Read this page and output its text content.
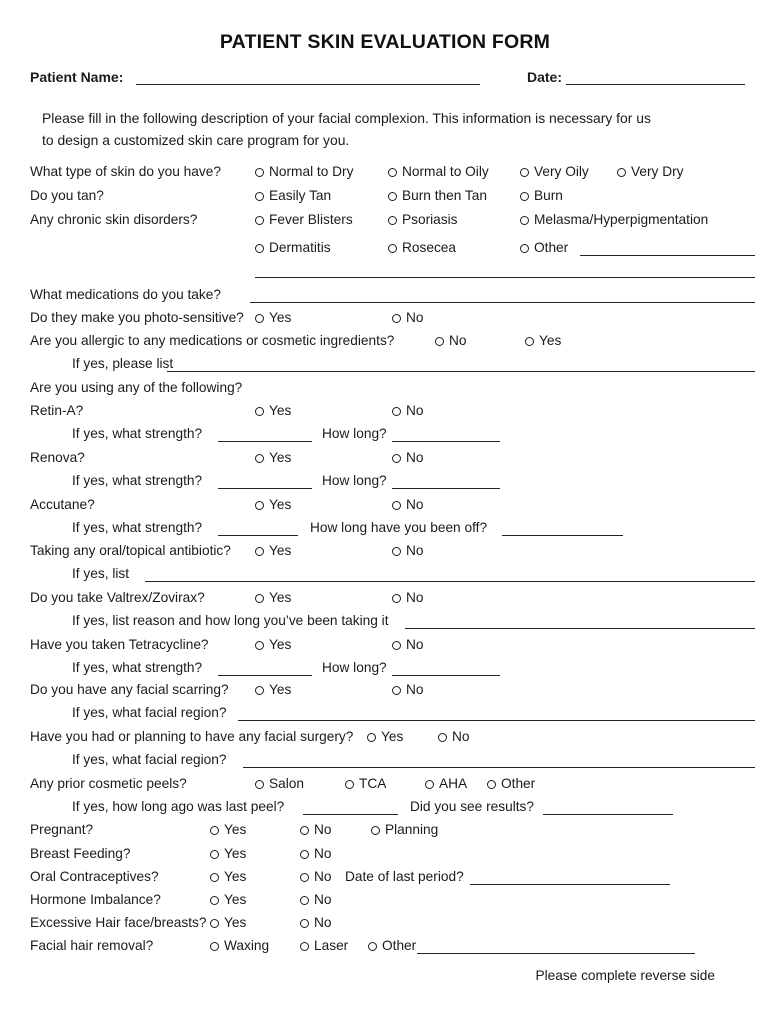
PATIENT SKIN EVALUATION FORM
Patient Name:	Date:
Please fill in the following description of your facial complexion. This information is necessary for us
to design a customized skin care program for you.
What type of skin do you have?	Normal to Dry	Normal to Oily	Very Oily	Very Dry
Do you tan?	Easily Tan	Burn then Tan	Burn
Any chronic skin disorders?	Fever Blisters	Psoriasis	Melasma/Hyperpigmentation
Dermatitis	Rosecea	Other
What medications do you take?
Do they make you photo-sensitive?	Yes	No
Are you allergic to any medications or cosmetic ingredients?	No	Yes
If yes, please list
Are you using any of the following?
Retin-A?	Yes	No
If yes, what strength?	How long?
Renova?	Yes	No
If yes, what strength?	How long?
Accutane?	Yes	No
If yes, what strength?	How long have you been off?
Taking any oral/topical antibiotic?	Yes	No
If yes, list
Do you take Valtrex/Zovirax?	Yes	No
If yes, list reason and how long you’ve been taking it
Have you taken Tetracycline?	Yes	No
If yes, what strength?	How long?
Do you have any facial scarring?	Yes	No
If yes, what facial region?
Have you had or planning to have any facial surgery?	Yes	No
If yes, what facial region?
Any prior cosmetic peels?	Salon	TCA	AHA	Other
If yes, how long ago was last peel?	Did you see results?
Pregnant?	Yes	No	Planning
Breast Feeding?	Yes	No
Oral Contraceptives?	Yes	No Date of last period?
Hormone Imbalance?	Yes	No
Excessive Hair face/breasts?	Yes	No
Facial hair removal?	Waxing	Laser	Other
Please complete reverse side
